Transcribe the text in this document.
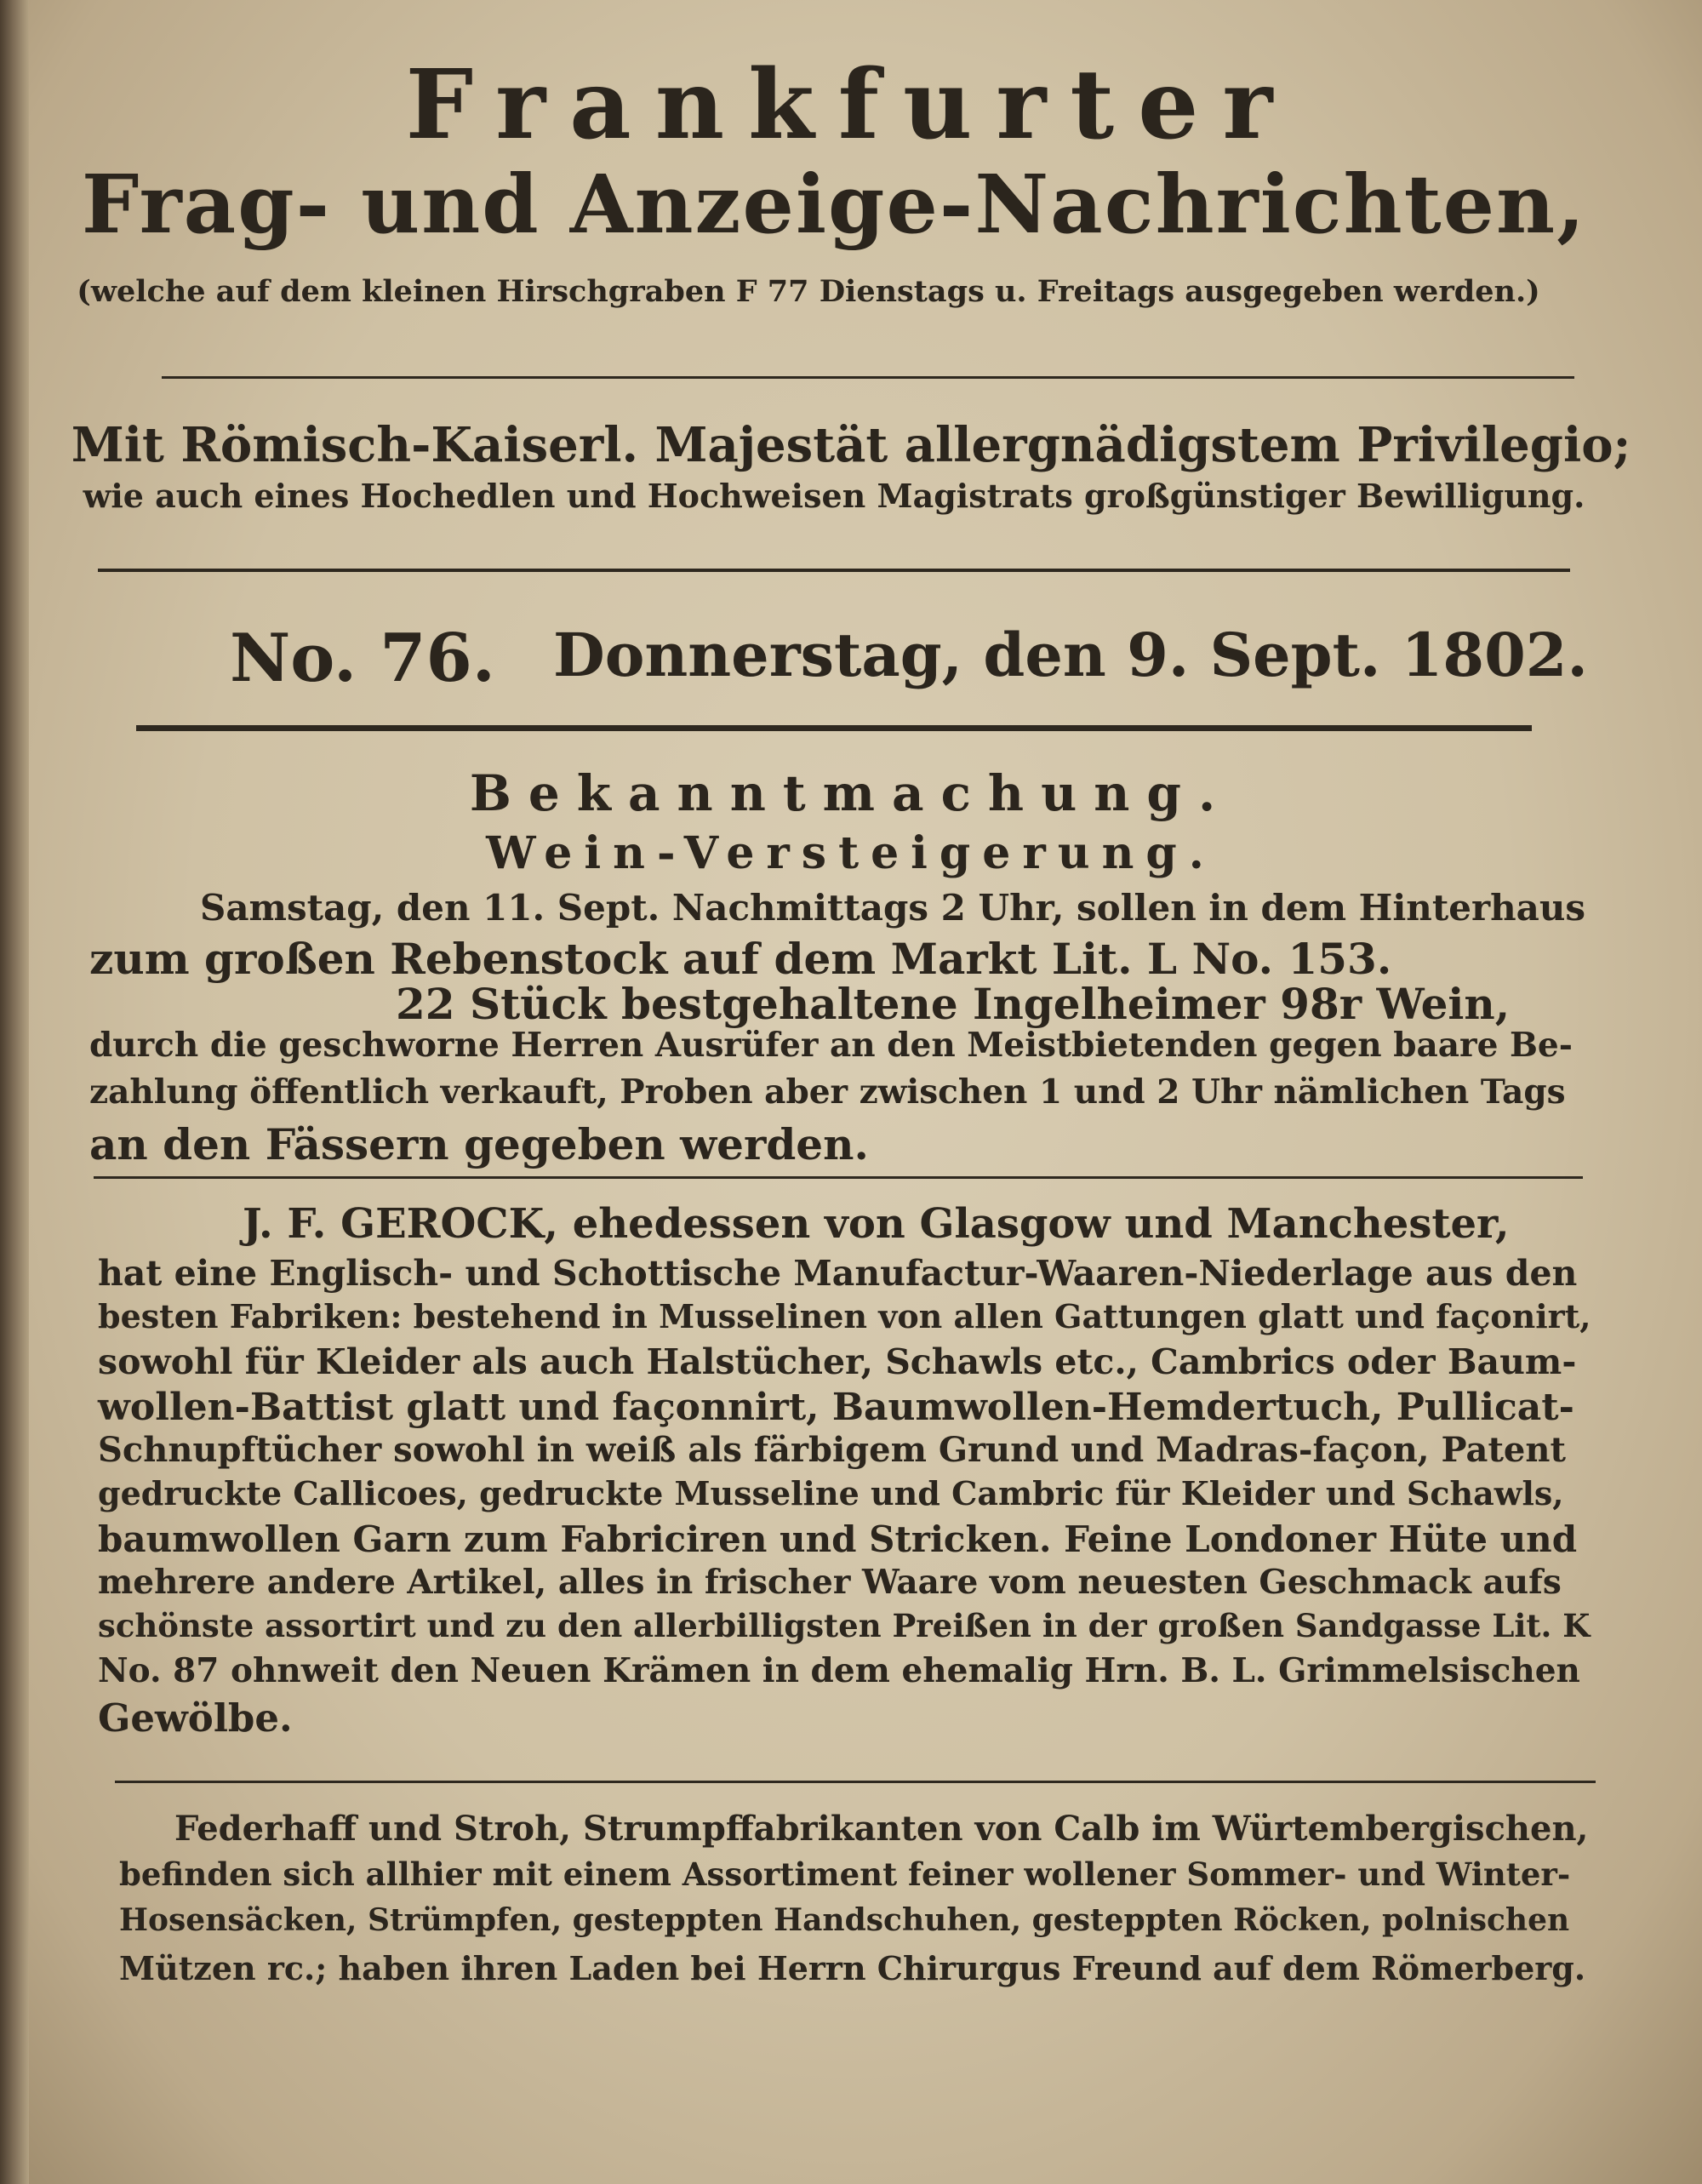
Frankfurter
Frag- und Anzeige-Nachrichten,
(welche auf dem kleinen Hirschgraben F 77 Dienstags u. Freitags ausgegeben werden.)
Mit Römisch-Kaiserl. Majestät allergnädigstem Privilegio;
wie auch eines Hochedlen und Hochweisen Magistrats großgünstiger Bewilligung.
No. 76. Donnerstag, den 9. Sept. 1802.
Bekanntmachung.
Wein-Versteigerung.
Samstag, den 11. Sept. Nachmittags 2 Uhr, sollen in dem Hinterhaus
zum großen Rebenstock auf dem Markt Lit. L No. 153.
22 Stück bestgehaltene Ingelheimer 98r Wein,
durch die geschworne Herren Ausrüfer an den Meistbietenden gegen baare Be-
zahlung öffentlich verkauft, Proben aber zwischen 1 und 2 Uhr nämlichen Tags
an den Fässern gegeben werden.
J. F. GEROCK, ehedessen von Glasgow und Manchester,
hat eine Englisch- und Schottische Manufactur-Waaren-Niederlage aus den
besten Fabriken: bestehend in Musselinen von allen Gattungen glatt und façonirt,
sowohl für Kleider als auch Halstücher, Schawls etc., Cambrics oder Baum-
wollen-Battist glatt und façonnirt, Baumwollen-Hemdertuch, Pullicat-
Schnupftücher sowohl in weiß als färbigem Grund und Madras-façon, Patent
gedruckte Callicoes, gedruckte Musseline und Cambric für Kleider und Schawls,
baumwollen Garn zum Fabriciren und Stricken. Feine Londoner Hüte und
mehrere andere Artikel, alles in frischer Waare vom neuesten Geschmack aufs
schönste assortirt und zu den allerbilligsten Preißen in der großen Sandgasse Lit. K
No. 87 ohnweit den Neuen Krämen in dem ehemalig Hrn. B. L. Grimmelsischen
Gewölbe.
Federhaff und Stroh, Strumpffabrikanten von Calb im Würtembergischen,
befinden sich allhier mit einem Assortiment feiner wollener Sommer- und Winter-
Hosensäcken, Strümpfen, gesteppten Handschuhen, gesteppten Röcken, polnischen
Mützen rc.; haben ihren Laden bei Herrn Chirurgus Freund auf dem Römerberg.
